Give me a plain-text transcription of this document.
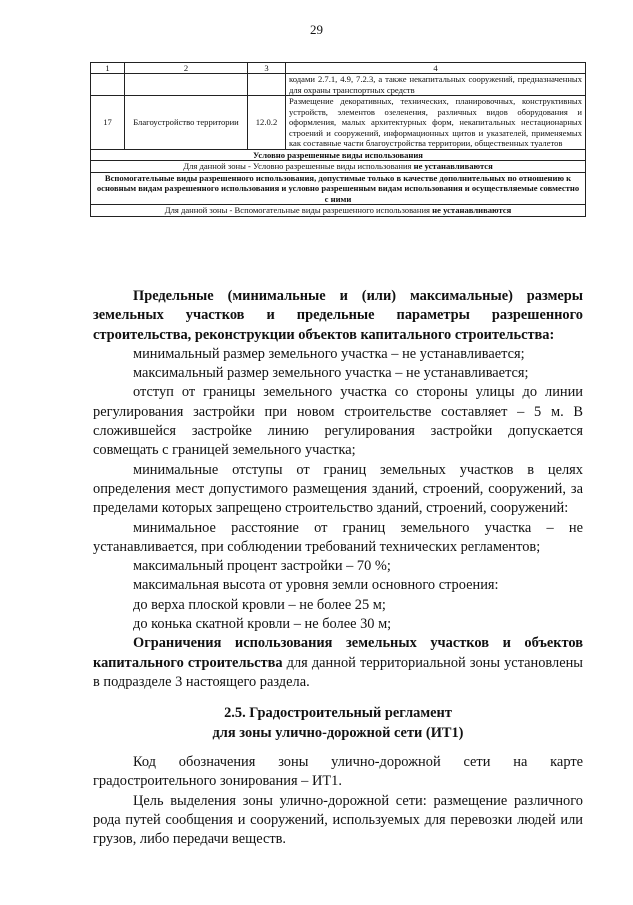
29
1	2	3	4
			кодами 2.7.1, 4.9, 7.2.3, а также некапитальных сооружений, предназначенных для охраны транспортных средств
17	Благоустройство территории	12.0.2	Размещение декоративных, технических, планировочных, конструктивных устройств, элементов озеленения, различных видов оборудования и оформления, малых архитектурных форм, некапитальных нестационарных строений и сооружений, информационных щитов и указателей, применяемых как составные части благоустройства территории, общественных туалетов
Условно разрешенные виды использования			
Для данной зоны - Условно разрешенные виды использования не устанавливаются			
Вспомогательные виды разрешенного использования, допустимые только в качестве дополнительных по отношению к основным видам разрешенного использования и условно разрешенным видам использования и осуществляемые совместно с ними			
Для данной зоны - Вспомогательные виды разрешенного использования не устанавливаются			

Предельные (минимальные и (или) максимальные) размеры земельных участков и предельные параметры разрешенного строительства, реконструкции объектов капитального строительства:

минимальный размер земельного участка – не устанавливается;

максимальный размер земельного участка – не устанавливается;

отступ от границы земельного участка со стороны улицы до линии регулирования застройки при новом строительстве составляет – 5 м. В сложившейся застройке линию регулирования застройки допускается совмещать с границей земельного участка;

минимальные отступы от границ земельных участков в целях определения мест допустимого размещения зданий, строений, сооружений, за пределами которых запрещено строительство зданий, строений, сооружений:

минимальное расстояние от границ земельного участка – не устанавливается, при соблюдении требований технических регламентов;

максимальный процент застройки – 70 %;

максимальная высота от уровня земли основного строения:

до верха плоской кровли – не более 25 м;

до конька скатной кровли – не более 30 м;

Ограничения использования земельных участков и объектов капитального строительства для данной территориальной зоны установлены в подразделе 3 настоящего раздела.

2.5. Градостроительный регламент
для зоны улично-дорожной сети (ИТ1)

Код обозначения зоны улично-дорожной сети на карте градостроительного зонирования – ИТ1.

Цель выделения зоны улично-дорожной сети: размещение различного рода путей сообщения и сооружений, используемых для перевозки людей или грузов, либо передачи веществ.
